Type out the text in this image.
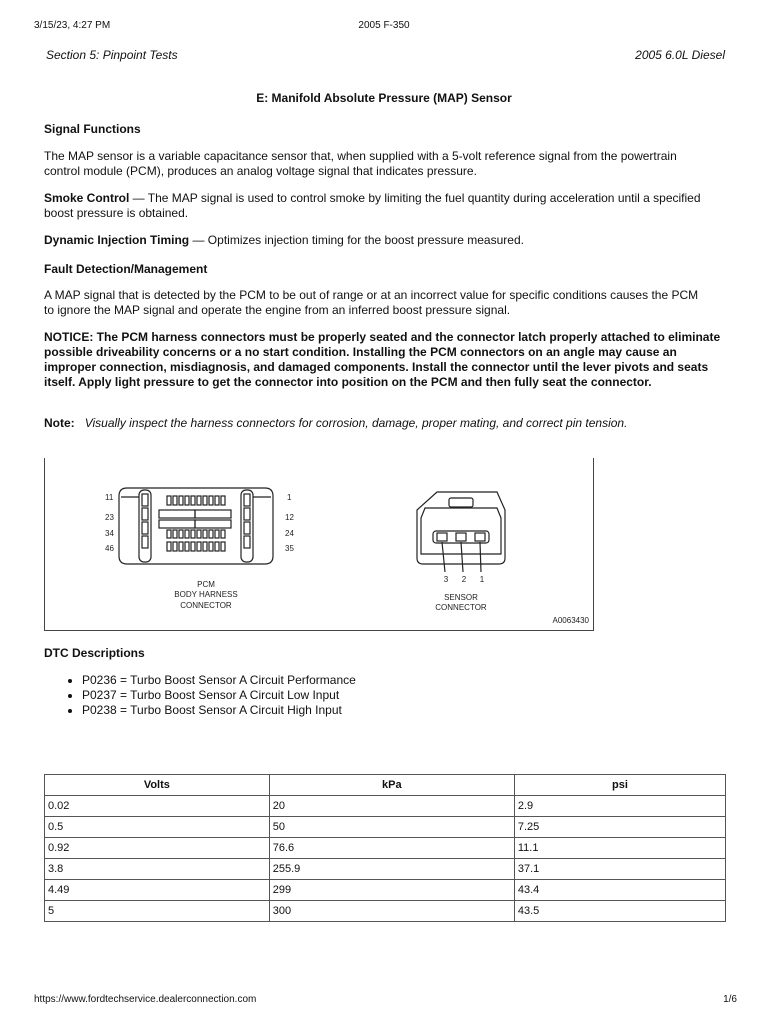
3/15/23, 4:27 PM	2005 F-350
Section 5: Pinpoint Tests	2005 6.0L Diesel
E: Manifold Absolute Pressure (MAP) Sensor
Signal Functions

The MAP sensor is a variable capacitance sensor that, when supplied with a 5-volt reference signal from the powertrain control module (PCM), produces an analog voltage signal that indicates pressure.

Smoke Control — The MAP signal is used to control smoke by limiting the fuel quantity during acceleration until a specified boost pressure is obtained.

Dynamic Injection Timing — Optimizes injection timing for the boost pressure measured.

Fault Detection/Management

A MAP signal that is detected by the PCM to be out of range or at an incorrect value for specific conditions causes the PCM to ignore the MAP signal and operate the engine from an inferred boost pressure signal.

NOTICE: The PCM harness connectors must be properly seated and the connector latch properly attached to eliminate possible driveability concerns or a no start condition. Installing the PCM connectors on an angle may cause an improper connection, misdiagnosis, and damaged components. Install the connector until the lever pivots and seats itself. Apply light pressure to get the connector into position on the PCM and then fully seat the connector.

Note: Visually inspect the harness connectors for corrosion, damage, proper mating, and correct pin tension.

11
23
34
46
1
12
24
35
PCM
BODY HARNESS
CONNECTOR
3 2 1
SENSOR
CONNECTOR
A0063430
DTC Descriptions
• P0236 = Turbo Boost Sensor A Circuit Performance
• P0237 = Turbo Boost Sensor A Circuit Low Input
• P0238 = Turbo Boost Sensor A Circuit High Input
Volts	kPa	psi
0.02	20	2.9
0.5	50	7.25
0.92	76.6	11.1
3.8	255.9	37.1
4.49	299	43.4
5	300	43.5
https://www.fordtechservice.dealerconnection.com	1/6
